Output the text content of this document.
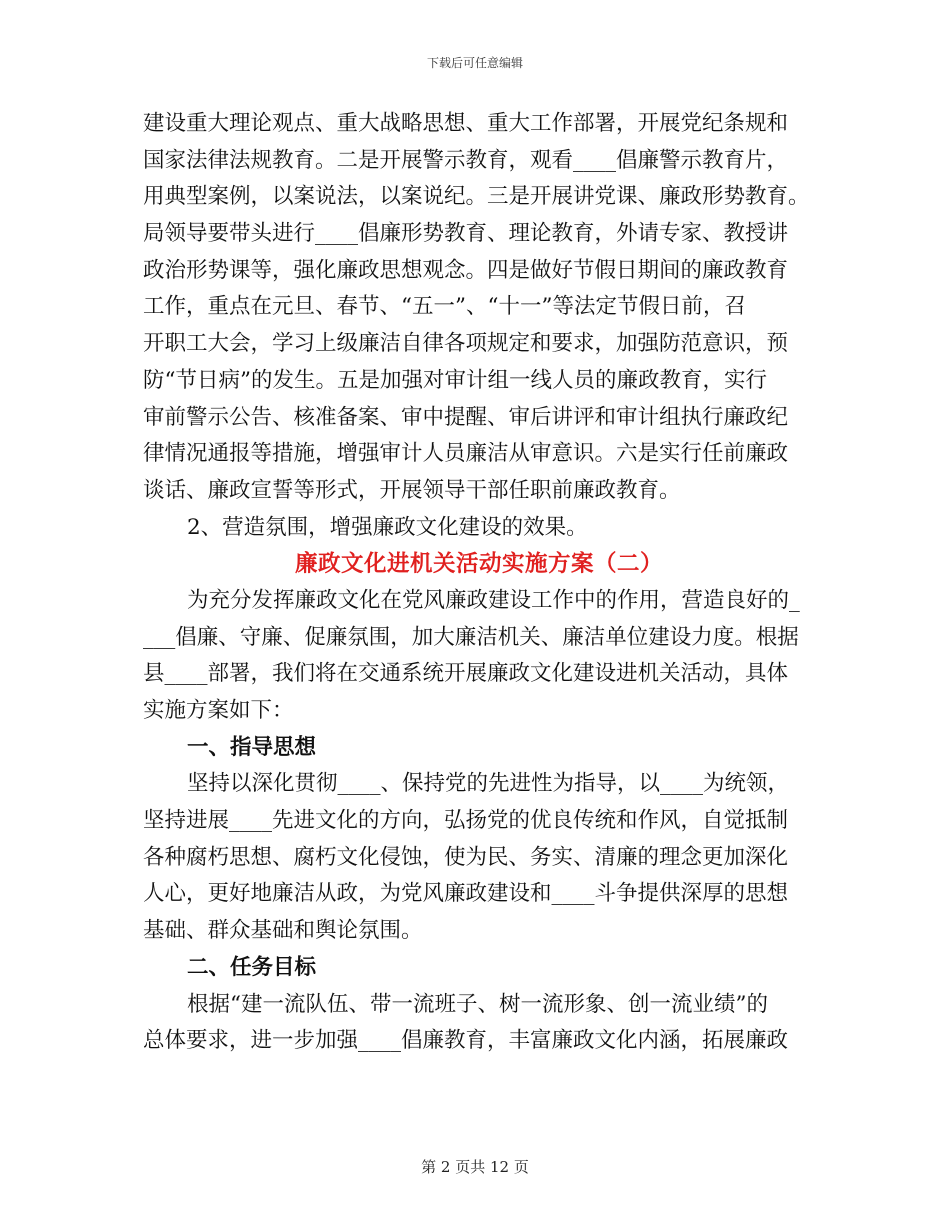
下载后可任意编辑
建设重大理论观点、重大战略思想、重大工作部署，开展党纪条规和
国家法律法规教育。二是开展警示教育，观看____倡廉警示教育片，
用典型案例，以案说法，以案说纪。三是开展讲党课、廉政形势教育。
局领导要带头进行____倡廉形势教育、理论教育，外请专家、教授讲
政治形势课等，强化廉政思想观念。四是做好节假日期间的廉政教育
工作，重点在元旦、春节、“五一”、“十一”等法定节假日前，召
开职工大会，学习上级廉洁自律各项规定和要求，加强防范意识，预
防“节日病”的发生。五是加强对审计组一线人员的廉政教育，实行
审前警示公告、核准备案、审中提醒、审后讲评和审计组执行廉政纪
律情况通报等措施，增强审计人员廉洁从审意识。六是实行任前廉政
谈话、廉政宣誓等形式，开展领导干部任职前廉政教育。
2、营造氛围，增强廉政文化建设的效果。
廉政文化进机关活动实施方案（二）
为充分发挥廉政文化在党风廉政建设工作中的作用，营造良好的_
___倡廉、守廉、促廉氛围，加大廉洁机关、廉洁单位建设力度。根据
县____部署，我们将在交通系统开展廉政文化建设进机关活动，具体
实施方案如下：
一、指导思想
坚持以深化贯彻____、保持党的先进性为指导，以____为统领，
坚持进展____先进文化的方向，弘扬党的优良传统和作风，自觉抵制
各种腐朽思想、腐朽文化侵蚀，使为民、务实、清廉的理念更加深化
人心，更好地廉洁从政，为党风廉政建设和____斗争提供深厚的思想
基础、群众基础和舆论氛围。
二、任务目标
根据“建一流队伍、带一流班子、树一流形象、创一流业绩”的
总体要求，进一步加强____倡廉教育，丰富廉政文化内涵，拓展廉政
第 2 页共 12 页
